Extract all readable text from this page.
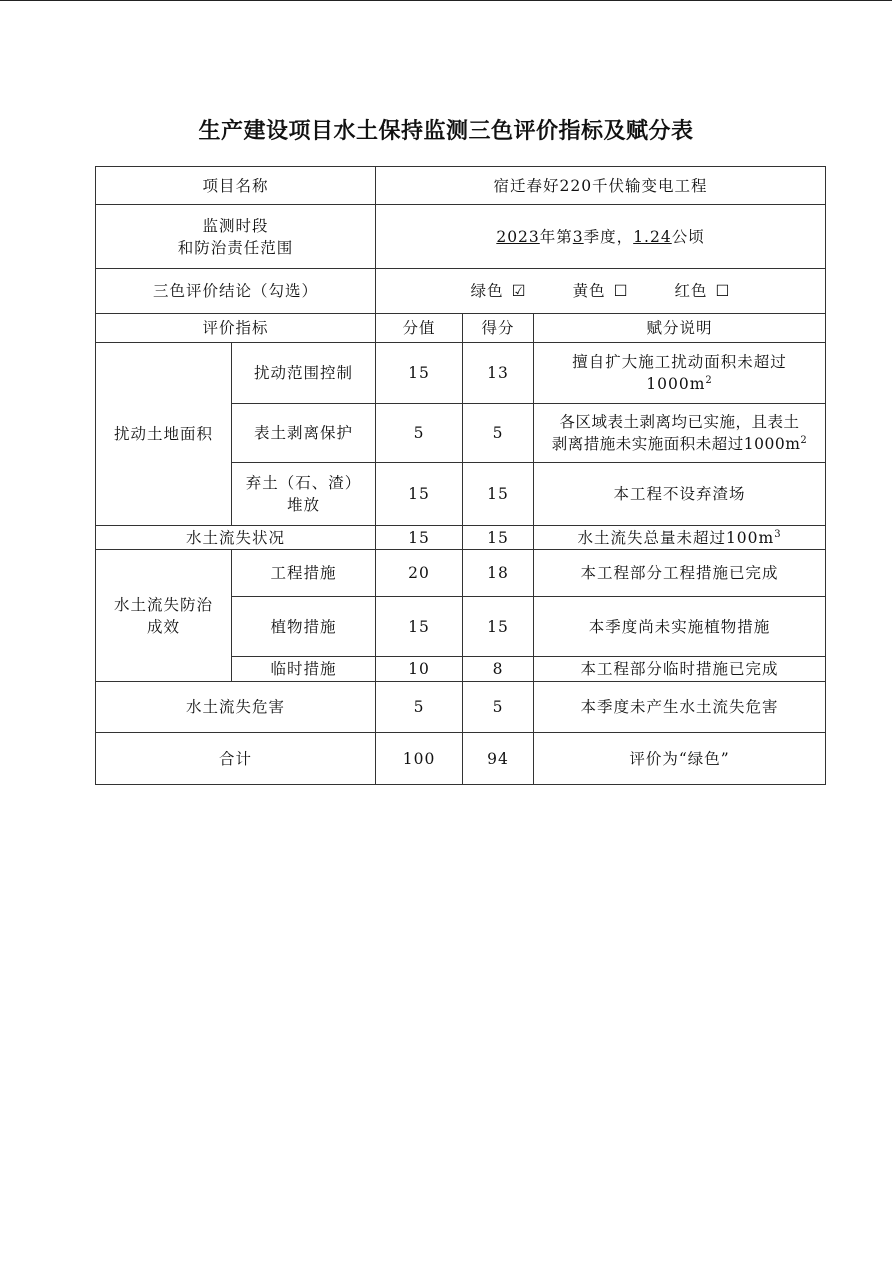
生产建设项目水土保持监测三色评价指标及赋分表
项目名称		宿迁春好220千伏输变电工程		

监测时段
和防治责任范围		2023年第3季度，1.24公顷		
三色评价结论（勾选）		绿色 ☑ 黄色 ☐ 红色 ☐		
评价指标		分值	得分	赋分说明
扰动土地面积	扰动范围控制	15	13	擅自扩大施工扰动面积未超过
$1000m^2$

	表土剥离保护	5	5	各区域表土剥离均已实施，且表土
剥离措施未实施面积未超过$1000m^2$

	弃土（石、渣）
堆放	15	15	本工程不设弃渣场
水土流失状况		15	15	水土流失总量未超过$100m^3$

水土流失防治
成效	工程措施	20	18	本工程部分工程措施已完成
	植物措施	15	15	本季度尚未实施植物措施
	临时措施	10	8	本工程部分临时措施已完成
水土流失危害		5	5	本季度未产生水土流失危害
合计		100	94	评价为“绿色”
